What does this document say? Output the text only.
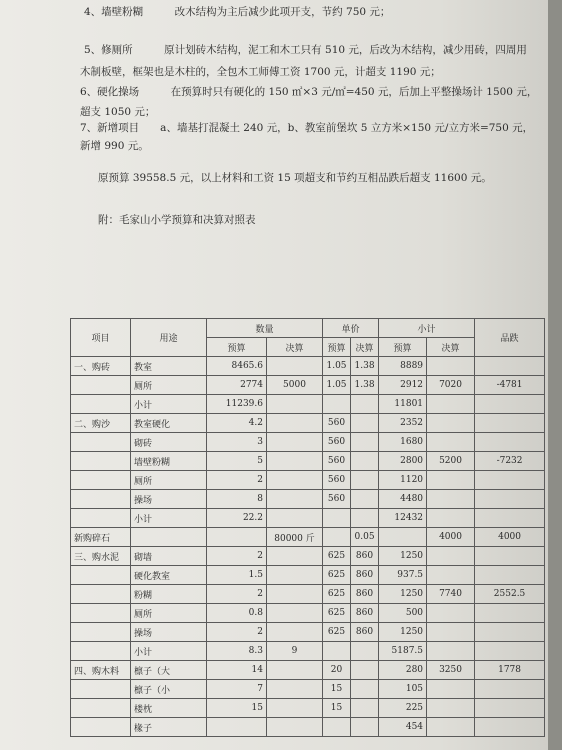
4、墙壁粉糊　　　改木结构为主后减少此项开支，节约 750 元；
5、修厕所　　　原计划砖木结构，泥工和木工只有 510 元，后改为木结构，减少用砖，四周用
木制板壁，框架也是木柱的，全包木工师傅工资 1700 元，计超支 1190 元；
6、硬化操场　　　在预算时只有硬化的 150 ㎡×3 元/㎡=450 元，后加上平整操场计 1500 元，
超支 1050 元；
7、新增项目　　a、墙基打混凝土 240 元，b、教室前堡坎 5 立方米×150 元/立方米=750 元，
新增 990 元。
原预算 39558.5 元，以上材料和工资 15 项超支和节约互相品跌后超支 11600 元。
附：毛家山小学预算和决算对照表
项目	用途	数量		单价		小计		品跌
		预算	决算	预算	决算	预算	决算	
一、购砖	教室	8465.6		1.05	1.38	8889		
	厕所	2774	5000	1.05	1.38	2912	7020	-4781
	小计	11239.6				11801		
二、购沙	教室硬化	4.2		560		2352		
	砌砖	3		560		1680		
	墙壁粉糊	5		560		2800	5200	-7232
	厕所	2		560		1120		
	操场	8		560		4480		
	小计	22.2				12432		
新购碎石			80000 斤		0.05		4000	4000
三、购水泥	砌墙	2		625	860	1250		
	硬化教室	1.5		625	860	937.5		
	粉糊	2		625	860	1250	7740	2552.5
	厕所	0.8		625	860	500		
	操场	2		625	860	1250		
	小计	8.3	9			5187.5		
四、购木料	檩子（大	14		20		280	3250	1778
	檩子（小	7		15		105		
	楼枕	15		15		225		
	椽子					454		
